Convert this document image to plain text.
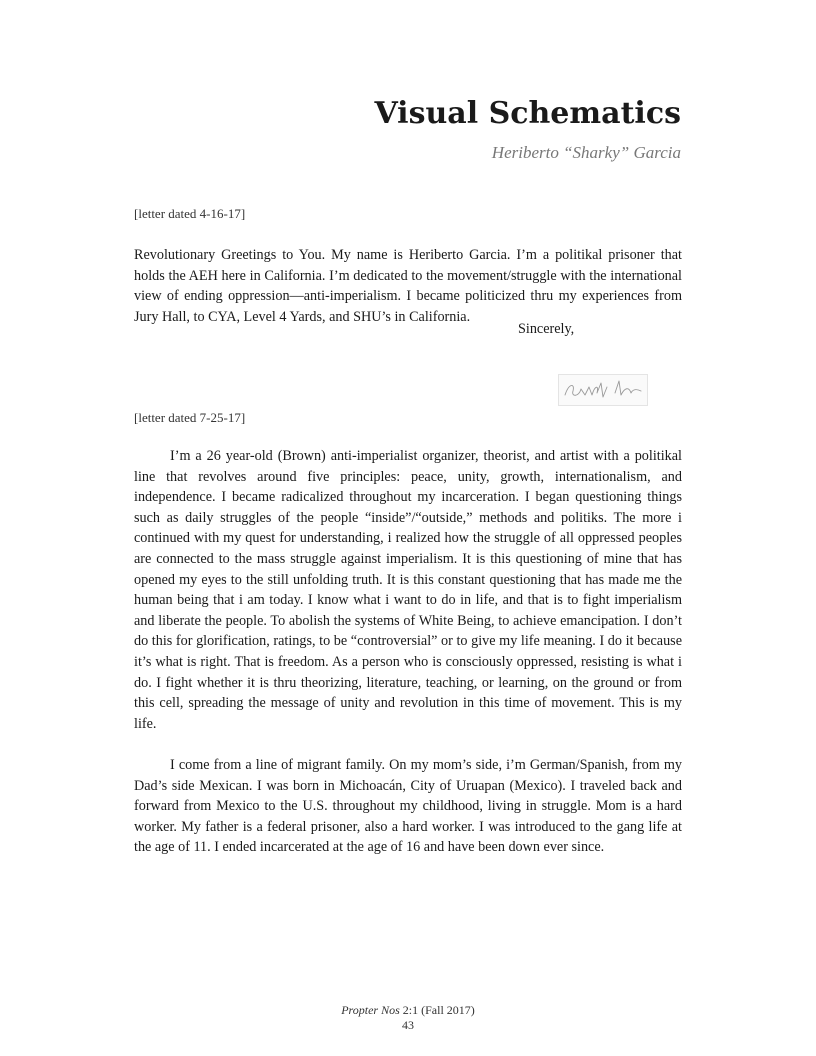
Visual Schematics
Heriberto “Sharky” Garcia
[letter dated 4-16-17]

Revolutionary Greetings to You. My name is Heriberto Garcia. I’m a politikal prisoner that holds the AEH here in California. I’m dedicated to the movement/struggle with the international view of ending oppression—anti-imperialism. I became politicized thru my experiences from Jury Hall, to CYA, Level 4 Yards, and SHU’s in California.

Sincerely,
[letter dated 7-25-17]

I’m a 26 year-old (Brown) anti-imperialist organizer, theorist, and artist with a politikal line that revolves around five principles: peace, unity, growth, internationalism, and independence. I became radicalized throughout my incarceration. I began questioning things such as daily struggles of the people “inside”/“outside,” methods and politiks. The more i continued with my quest for understanding, i realized how the struggle of all oppressed peoples are connected to the mass struggle against imperialism. It is this questioning of mine that has opened my eyes to the still unfolding truth. It is this constant questioning that has made me the human being that i am today. I know what i want to do in life, and that is to fight imperialism and liberate the people. To abolish the systems of White Being, to achieve emancipation. I don’t do this for glorification, ratings, to be “controversial” or to give my life meaning. I do it because it’s what is right. That is freedom. As a person who is consciously oppressed, resisting is what i do. I fight whether it is thru theorizing, literature, teaching, or learning, on the ground or from this cell, spreading the message of unity and revolution in this time of movement. This is my life.

I come from a line of migrant family. On my mom’s side, i’m German/Spanish, from my Dad’s side Mexican. I was born in Michoacán, City of Uruapan (Mexico). I traveled back and forward from Mexico to the U.S. throughout my childhood, living in struggle. Mom is a hard worker. My father is a federal prisoner, also a hard worker. I was introduced to the gang life at the age of 11. I ended incarcerated at the age of 16 and have been down ever since.

Propter Nos 2:1 (Fall 2017)
43
